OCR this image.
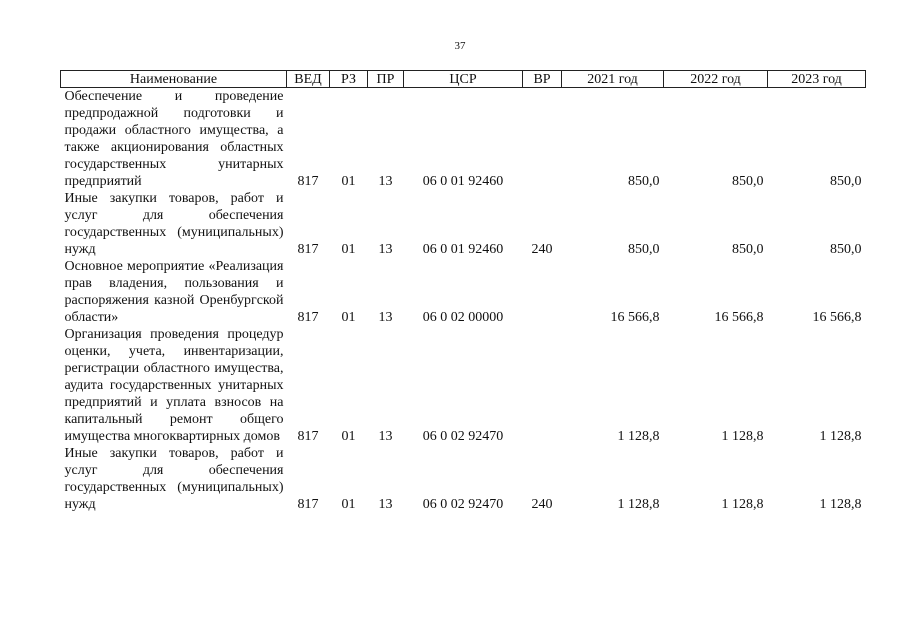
37
Наименование	ВЕД	РЗ	ПР	ЦСР	ВР	2021 год	2022 год	2023 год
Обеспечение и проведение предпродажной подготовки и продажи областного имущества, а также акционирования областных государственных унитарных предприятий	817	01	13	06 0 01 92460		850,0	850,0	850,0
Иные закупки товаров, работ и услуг для обеспечения государственных (муниципальных) нужд	817	01	13	06 0 01 92460	240	850,0	850,0	850,0
Основное мероприятие «Реализация прав владения, пользования и распоряжения казной Оренбургской области»	817	01	13	06 0 02 00000		16 566,8	16 566,8	16 566,8
Организация проведения процедур оценки, учета, инвентаризации, регистрации областного имущества, аудита государственных унитарных предприятий и уплата взносов на капитальный ремонт общего имущества многоквартирных домов	817	01	13	06 0 02 92470		1 128,8	1 128,8	1 128,8
Иные закупки товаров, работ и услуг для обеспечения государственных (муниципальных) нужд	817	01	13	06 0 02 92470	240	1 128,8	1 128,8	1 128,8
